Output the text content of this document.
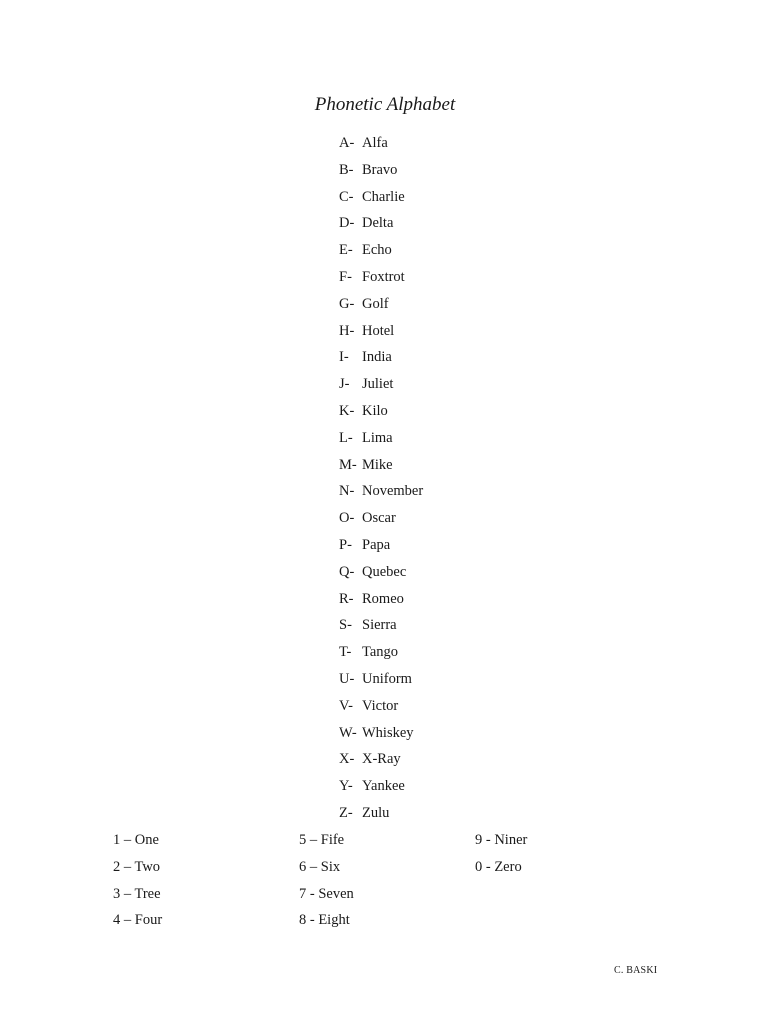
Phonetic Alphabet
A- Alfa
B- Bravo
C- Charlie
D- Delta
E- Echo
F- Foxtrot
G- Golf
H- Hotel
I- India
J- Juliet
K- Kilo
L- Lima
M- Mike
N- November
O- Oscar
P- Papa
Q- Quebec
R- Romeo
S- Sierra
T- Tango
U- Uniform
V- Victor
W- Whiskey
X- X-Ray
Y- Yankee
Z- Zulu
1 – One
2 – Two
3 – Tree
4 – Four
5 – Fife
6 – Six
7 - Seven
8 - Eight
9 - Niner
0 - Zero
C. BASKI
